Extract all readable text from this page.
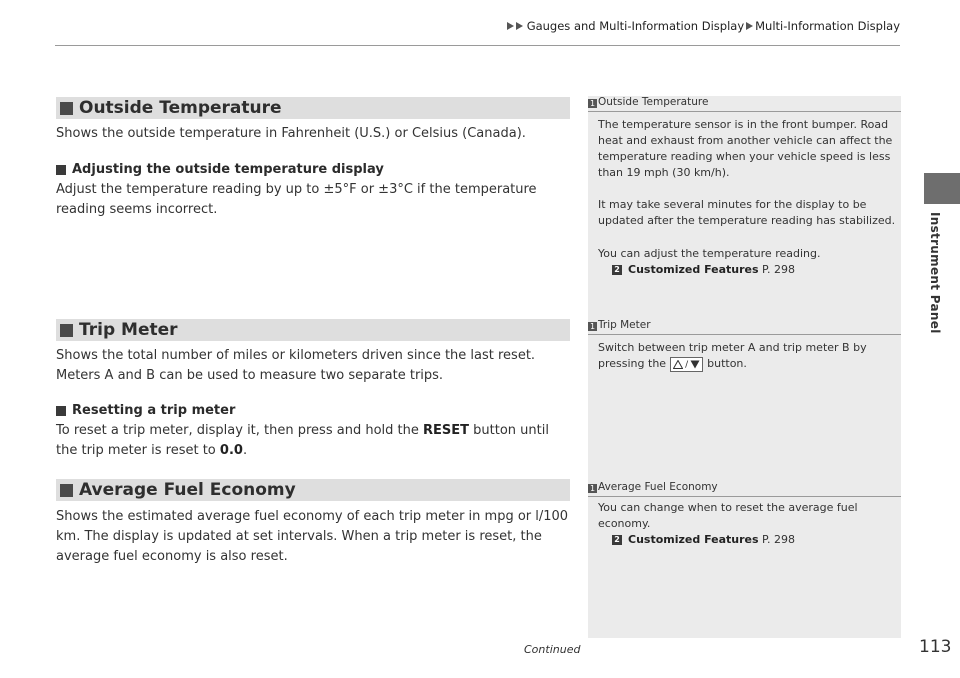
Gauges and Multi-Information Display Multi-Information Display
Instrument Panel
Outside Temperature
Shows the outside temperature in Fahrenheit (U.S.) or Celsius (Canada).
Adjusting the outside temperature display
Adjust the temperature reading by up to ±5°F or ±3°C if the temperature reading seems incorrect.
1 Outside Temperature
The temperature sensor is in the front bumper. Road heat and exhaust from another vehicle can affect the temperature reading when your vehicle speed is less than 19 mph (30 km/h).
It may take several minutes for the display to be updated after the temperature reading has stabilized.
You can adjust the temperature reading.
2 Customized Features
P. 298
Trip Meter
Shows the total number of miles or kilometers driven since the last reset. Meters A and B can be used to measure two separate trips.
Resetting a trip meter
To reset a trip meter, display it, then press and hold the RESET button until the trip meter is reset to 0.0.
1 Trip Meter
Switch between trip meter A and trip meter B by pressing the / button.
Average Fuel Economy
Shows the estimated average fuel economy of each trip meter in mpg or l/100 km. The display is updated at set intervals. When a trip meter is reset, the average fuel economy is also reset.
1 Average Fuel Economy
You can change when to reset the average fuel economy.
2 Customized Features
P. 298
Continued	113
